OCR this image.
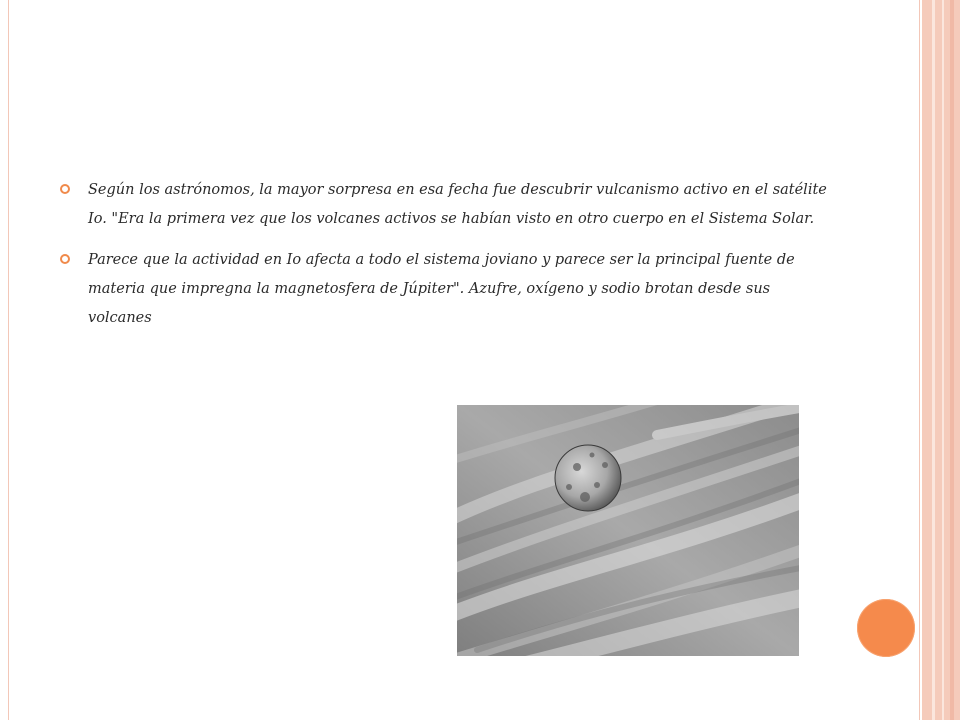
Según los astrónomos, la mayor sorpresa en esa fecha fue descubrir vulcanismo activo en el satélite Io. "Era la primera vez que los volcanes activos se habían visto en otro cuerpo en el Sistema Solar.

Parece que la actividad en Io afecta a todo el sistema joviano y parece ser la principal fuente de materia que impregna la magnetosfera de Júpiter". Azufre, oxígeno y sodio brotan desde sus volcanes
